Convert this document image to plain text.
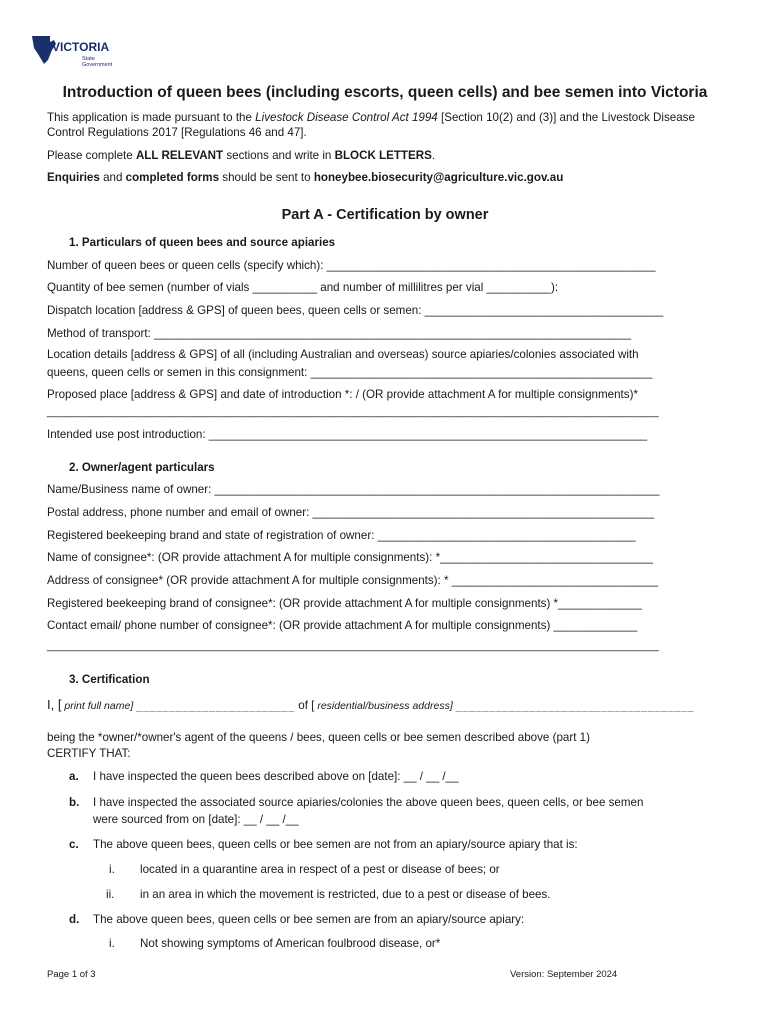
VICTORIA
State
Government
Introduction of queen bees (including escorts, queen cells) and bee semen into Victoria
This application is made pursuant to the Livestock Disease Control Act 1994 [Section 10(2) and (3)] and the Livestock Disease
Control Regulations 2017 [Regulations 46 and 47].
Please complete ALL RELEVANT sections and write in BLOCK LETTERS.
Enquiries and completed forms should be sent to honeybee.biosecurity@agriculture.vic.gov.au
Part A - Certification by owner
1. Particulars of queen bees and source apiaries
Number of queen bees or queen cells (specify which): ___________________________________________________
Quantity of bee semen (number of vials __________ and number of millilitres per vial __________):
Dispatch location [address & GPS] of queen bees, queen cells or semen: _____________________________________
Method of transport: __________________________________________________________________________
Location details [address & GPS] of all (including Australian and overseas) source apiaries/colonies associated with
queens, queen cells or semen in this consignment: _____________________________________________________
Proposed place [address & GPS] and date of introduction *: / (OR provide attachment A for multiple consignments)*
____________________________________________________________________________________________________
Intended use post introduction: ____________________________________________________________________
2. Owner/agent particulars
Name/Business name of owner: _____________________________________________________________________
Postal address, phone number and email of owner: _____________________________________________________
Registered beekeeping brand and state of registration of owner: ________________________________________
Name of consignee*: (OR provide attachment A for multiple consignments): *_________________________________
Address of consignee* (OR provide attachment A for multiple consignments): * ________________________________
Registered beekeeping brand of consignee*: (OR provide attachment A for multiple consignments) *_____________
Contact email/ phone number of consignee*: (OR provide attachment A for multiple consignments) _____________
____________________________________________________________________________________________________
3. Certification
I, [ print full name] ________________________ of [ residential/business address] ____________________________________
being the *owner/*owner's agent of the queens / bees, queen cells or bee semen described above (part 1)
CERTIFY THAT:
a. I have inspected the queen bees described above on [date]: __ / __ /__
b. I have inspected the associated source apiaries/colonies the above queen bees, queen cells, or bee semen
were sourced from on [date]: __ / __ /__
c. The above queen bees, queen cells or bee semen are not from an apiary/source apiary that is:
i. located in a quarantine area in respect of a pest or disease of bees; or
ii. in an area in which the movement is restricted, due to a pest or disease of bees.
d. The above queen bees, queen cells or bee semen are from an apiary/source apiary:
i. Not showing symptoms of American foulbrood disease, or*
Page 1 of 3	Version: September 2024
